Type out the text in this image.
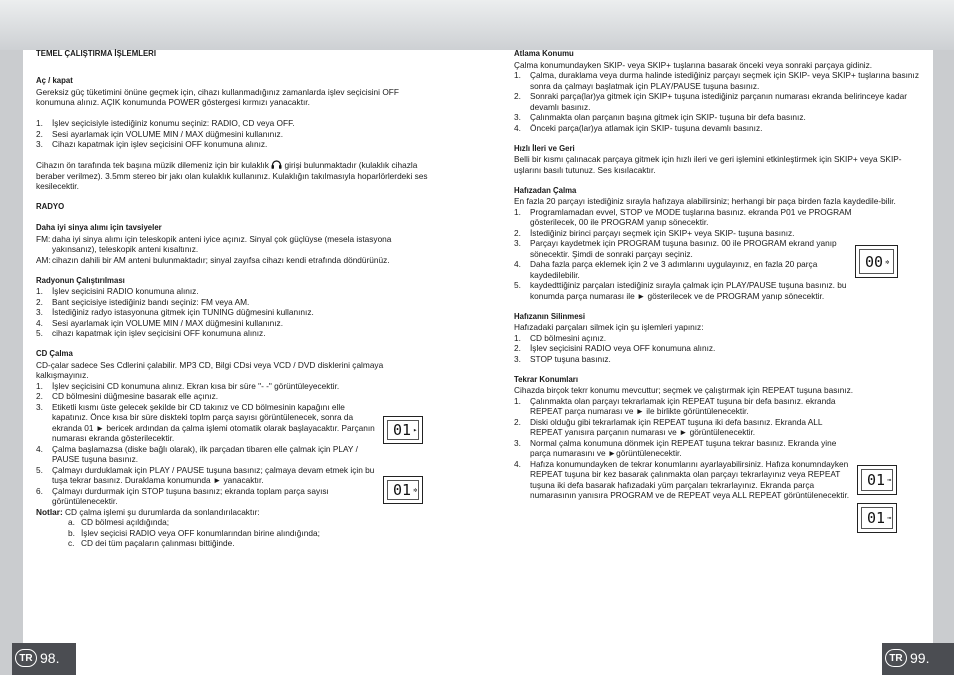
TEMEL ÇALIŞTIRMA İŞLEMLERI
Aç / kapat
Gereksiz güç tüketimini önüne geçmek için, cihazı kullanmadığınız zamanlarda işlev seçicisini OFF konumuna alınız. AÇIK konumunda POWER göstergesi kırmızı yanacaktır.
1.	İşlev seçicisiyle istediğiniz konumu seçiniz: RADIO, CD veya OFF.
2.	Sesi ayarlamak için VOLUME MIN / MAX düğmesini kullanınız.
3.	Cihazı kapatmak için işlev seçicisini OFF konumuna alınız.
Cihazın ön tarafında tek başına müzik dilemeniz için bir kulaklık girişi bulunmaktadır (kulaklık cihazla beraber verilmez). 3.5mm stereo bir jakı olan kulaklık kullanınız. Kulaklığın takılmasıyla hoparlörlerdeki ses kesilecektir.
RADYO
Daha iyi sinya alımı için tavsiyeler
FM: daha iyi sinya alımı için teleskopik anteni iyice açınız. Sinyal çok güçlüyse (mesela istasyona yakınsanız), teleskopik anteni kısaltınız.
AM: cihazın dahili bir AM anteni bulunmaktadır; sinyal zayıfsa cihazı kendi etrafında döndürünüz.
Radyonun Çalıştırılması
1.	İşlev seçicisini RADIO konumuna alınız.
2.	Bant seçicisiye istediğiniz bandı seçiniz: FM veya AM.
3.	İstediğiniz radyo istasyonuna gitmek için TUNING düğmesini kullanınız.
4.	Sesi ayarlamak için VOLUME MIN / MAX düğmesini kullanınız.
5.	cihazı kapatmak için işlev seçicisini OFF konumuna alınız.
CD Çalma
CD-çalar sadece Ses Cdlerini çalabilir. MP3 CD, Bilgi CDsi veya VCD / DVD disklerini çalmaya kalkışmayınız.
1.	İşlev seçicisini CD konumuna alınız. Ekran kısa bir süre "- -" görüntüleyecektir.
2.	CD bölmesini düğmesine basarak elle açınız.
3.	Etiketli kısmı üste gelecek şekilde bir CD takınız ve CD bölmesinin kapağını elle kapatınız. Önce kısa bir süre diskteki toplm parça sayısı görüntülenecek, sonra da ekranda 01 ► bericek ardından da çalma işlemi otomatik olarak başlayacaktır. Parçanın numarası ekranda gösterilecektir.
4.	Çalma başlamazsa (diske bağlı olarak), ilk parçadan tibaren elle çalmak için PLAY / PAUSE tuşuna basınız.
5.	Çalmayı durduklamak için PLAY / PAUSE tuşuna basınız; çalmaya devam etmek için bu tuşa tekrar basınız. Duraklama konumunda ► yanacaktır.
6.	Çalmayı durdurmak için STOP tuşuna basınız; ekranda toplam parça sayısı görüntülenecektir.
Notlar: CD çalma işlemi şu durumlarda da sonlandırılacaktır:
a. CD bölmesi açıldığında;
b. İşlev seçicisi RADIO veya OFF konumlarından birine alındığında;
c. CD dei tüm paçaların çalınması bittiğinde.
01 ▸
01 ✲
Atlama Konumu
Çalma konumundayken SKIP- veya SKIP+ tuşlarına basarak önceki veya sonraki parçaya gidiniz.
1.	Çalma, duraklama veya durma halinde istediğiniz parçayı seçmek için SKIP- veya SKIP+ tuşlarına basınız sonra da çalmayı başlatmak için PLAY/PAUSE tuşuna basınız.
2.	Sonraki parça(lar)ya gitmek için SKIP+ tuşuna istediğiniz parçanın numarası ekranda belirinceye kadar devamlı basınız.
3.	Çalınmakta olan parçanın başına gitmek için SKIP- tuşuna bir defa basınız.
4.	Önceki parça(lar)ya atlamak için SKIP- tuşuna devamlı basınız.
Hızlı İleri ve Geri
Belli bir kısmı çalınacak parçaya gitmek için hızlı ileri ve geri işlemini etkinleştirmek için SKIP+ veya SKIP- uşlarını basılı tutunuz. Ses kısılacaktır.
Hafızadan Çalma
En fazla 20 parçayı istediğiniz sırayla hafızaya alabilirsiniz; herhangi bir paça birden fazla kaydedile-bilir.
1.	Programlamadan evvel, STOP ve MODE tuşlarına basınız. ekranda P01 ve PROGRAM gösterilecek, 00 ile PROGRAM yanıp sönecektir.
2.	İstediğiniz birinci parçayı seçmek için SKIP+ veya SKIP- tuşuna basınız.
3.	Parçayı kaydetmek için PROGRAM tuşuna basınız. 00 ile PROGRAM ekrand yanıp sönecektir. Şimdi de sonraki parçayı seçiniz.
4.	Daha fazla parça eklemek için 2 ve 3 adımlarını uygulayınız, en fazla 20 parça kaydedilebilir.
5.	kaydedttiğiniz parçaları istediğiniz sırayla çalmak için PLAY/PAUSE tuşuna basınız. bu konumda parça numarası ile ► gösterilecek ve de PROGRAM yanıp sönecektir.
Hafızanın Silinmesi
Hafızadaki parçaları silmek için şu işlemleri yapınız:
1.	CD bölmesini açınız.
2.	İşlev seçicisini RADIO veya OFF konumuna alınız.
3.	STOP tuşuna basınız.
Tekrar Konumları
Cihazda birçok tekrr konumu mevcuttur; seçmek ve çalıştırmak için REPEAT tuşuna basınız.
1.	Çalınmakta olan parçayı tekrarlamak için REPEAT tuşuna bir defa basınız. ekranda REPEAT parça numarası ve ► ile birlikte görüntülenecektir.
2.	Diski olduğu gibi tekrarlamak için REPEAT tuşuna iki defa basınız. Ekranda ALL REPEAT yanısıra parçanın numarası ve ► görüntülenecektir.
3.	Normal çalma konumuna dönmek için REPEAT tuşuna tekrar basınız. Ekranda yine parça numarasını ve ►görüntülenecektir.
4.	Hafıza konumundayken de tekrar konumlarını ayarlayabilirsiniz. Hafıza konumndayken REPEAT tuşuna bir kez basarak çalınmakta olan parçayı tekrarlayınız veya REPEAT tuşuna iki defa basarak hafızadaki yüm parçaları tekrarlayınız. Ekranda parça numarasının yanısıra PROGRAM ve de REPEAT veya ALL REPEAT görüntülenecektir.
00 ✲
01 ⊸
01 ⊸
TR 98.	TR 99.
